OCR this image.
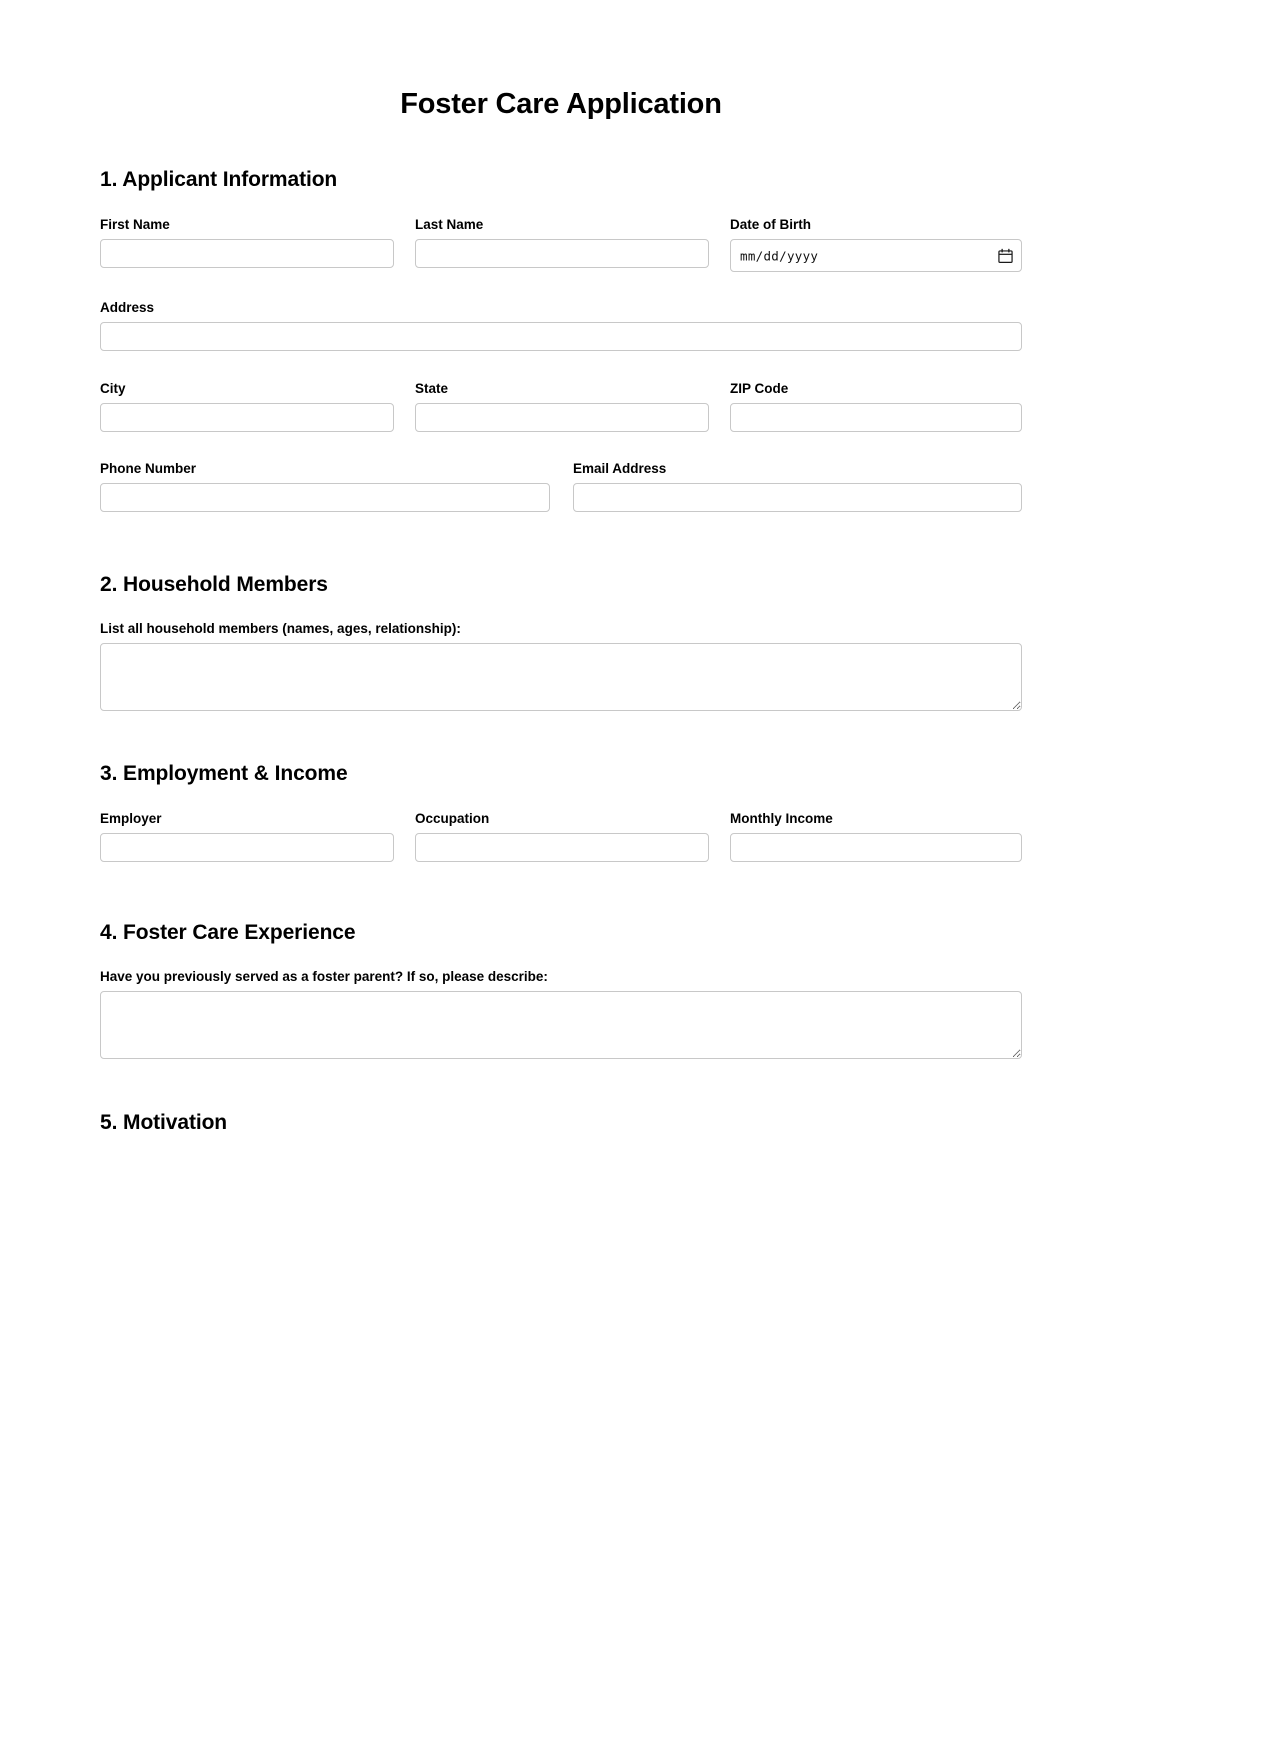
Foster Care Application
1. Applicant Information
First Name	Last Name	Date of Birth
mm/dd/yyyy
Address
City	State	ZIP Code
Phone Number	Email Address
2. Household Members
List all household members (names, ages, relationship):
3. Employment & Income
Employer	Occupation	Monthly Income
4. Foster Care Experience
Have you previously served as a foster parent? If so, please describe:
5. Motivation
